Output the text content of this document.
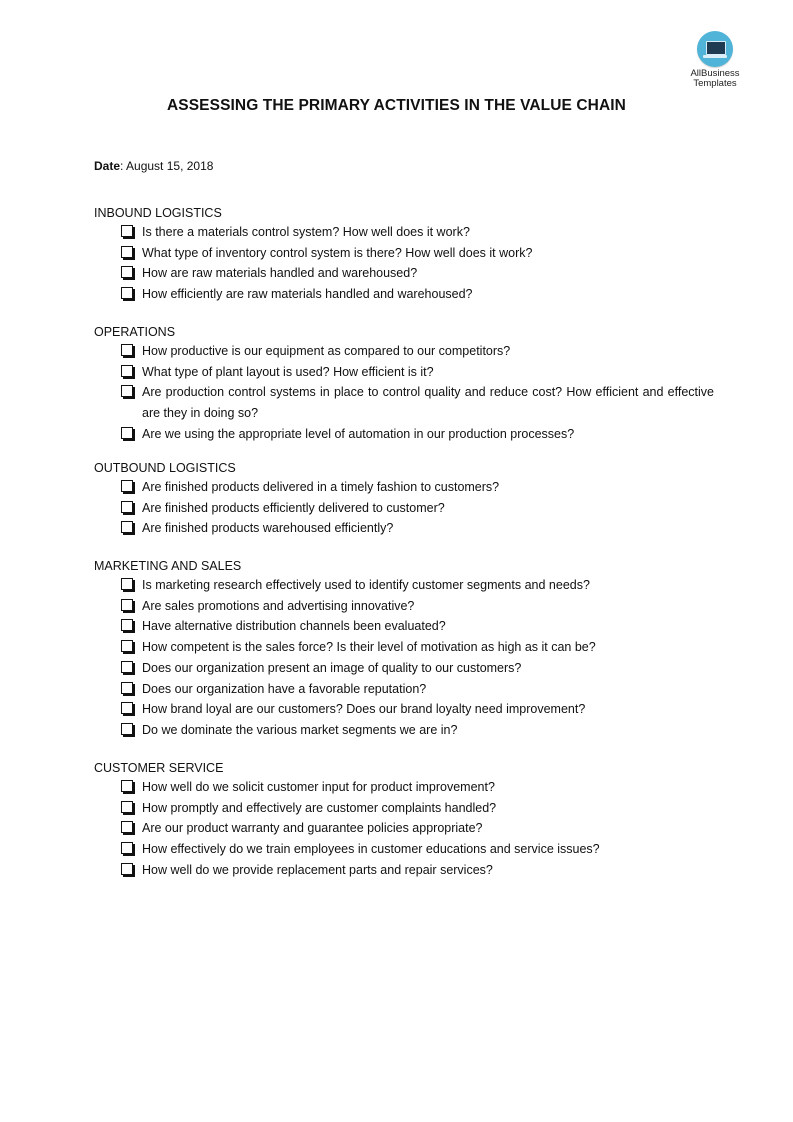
AllBusiness
Templates
ASSESSING THE PRIMARY ACTIVITIES IN THE VALUE CHAIN
Date: August 15, 2018
INBOUND LOGISTICS
Is there a materials control system? How well does it work?
What type of inventory control system is there? How well does it work?
How are raw materials handled and warehoused?
How efficiently are raw materials handled and warehoused?
OPERATIONS
How productive is our equipment as compared to our competitors?
What type of plant layout is used? How efficient is it?
Are production control systems in place to control quality and reduce cost? How efficient and effective are they in doing so?
Are we using the appropriate level of automation in our production processes?
OUTBOUND LOGISTICS
Are finished products delivered in a timely fashion to customers?
Are finished products efficiently delivered to customer?
Are finished products warehoused efficiently?
MARKETING AND SALES
Is marketing research effectively used to identify customer segments and needs?
Are sales promotions and advertising innovative?
Have alternative distribution channels been evaluated?
How competent is the sales force? Is their level of motivation as high as it can be?
Does our organization present an image of quality to our customers?
Does our organization have a favorable reputation?
How brand loyal are our customers? Does our brand loyalty need improvement?
Do we dominate the various market segments we are in?
CUSTOMER SERVICE
How well do we solicit customer input for product improvement?
How promptly and effectively are customer complaints handled?
Are our product warranty and guarantee policies appropriate?
How effectively do we train employees in customer educations and service issues?
How well do we provide replacement parts and repair services?
